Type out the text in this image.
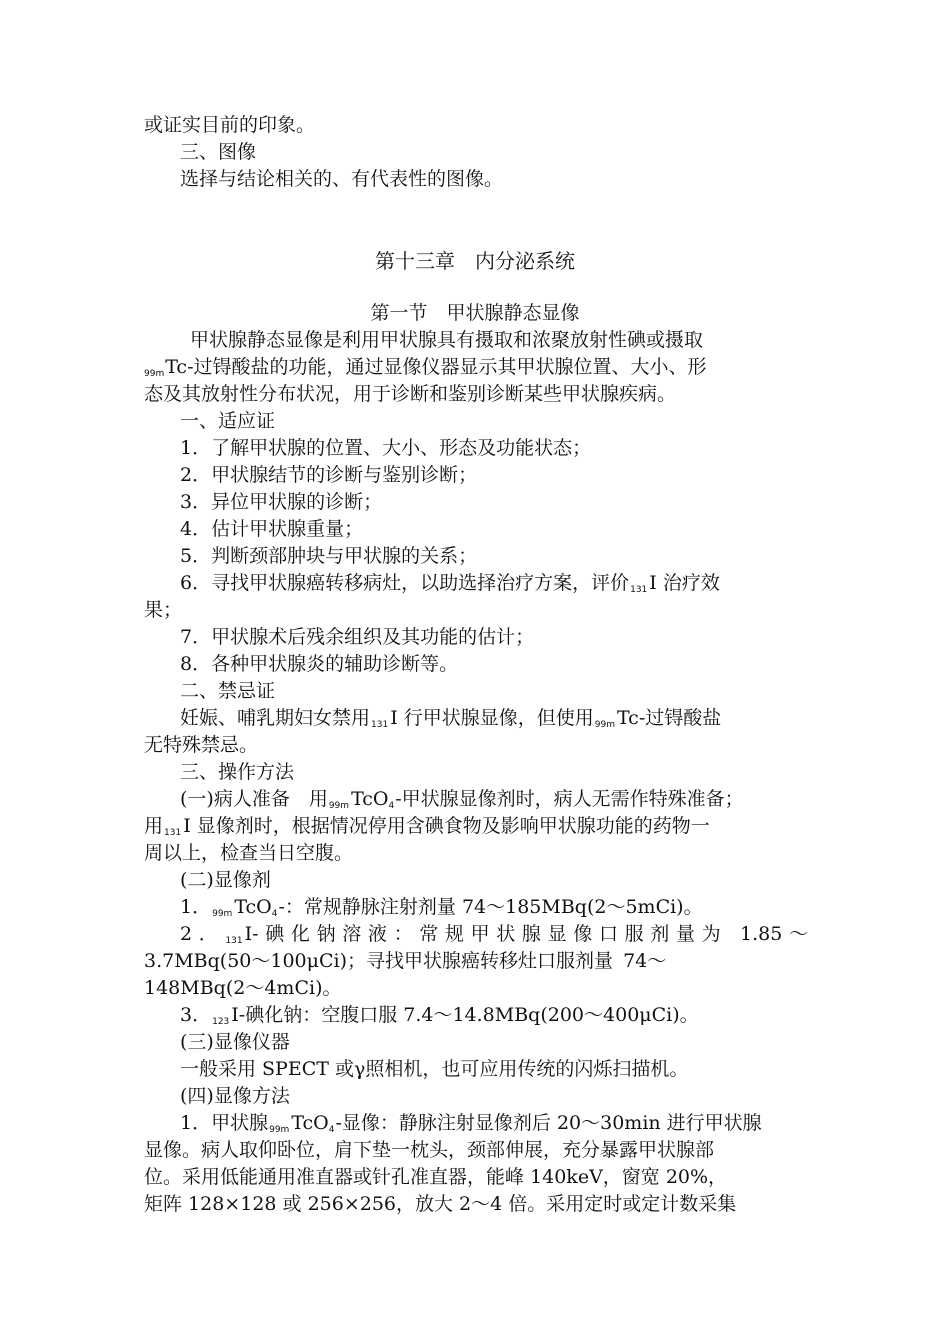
或证实目前的印象。
三、图像
选择与结论相关的、有代表性的图像。
第十三章　内分泌系统
第一节　甲状腺静态显像
甲状腺静态显像是利用甲状腺具有摄取和浓聚放射性碘或摄取
99mTc-过锝酸盐的功能，通过显像仪器显示其甲状腺位置、大小、形
态及其放射性分布状况，用于诊断和鉴别诊断某些甲状腺疾病。
一、适应证
1．了解甲状腺的位置、大小、形态及功能状态；
2．甲状腺结节的诊断与鉴别诊断；
3．异位甲状腺的诊断；
4．估计甲状腺重量；
5．判断颈部肿块与甲状腺的关系；
6．寻找甲状腺癌转移病灶，以助选择治疗方案，评价131 I 治疗效
果；
7．甲状腺术后残余组织及其功能的估计；
8．各种甲状腺炎的辅助诊断等。
二、禁忌证
妊娠、哺乳期妇女禁用131 I 行甲状腺显像，但使用99m Tc-过锝酸盐
无特殊禁忌。
三、操作方法
(一)病人准备　用99m TcO4-甲状腺显像剂时，病人无需作特殊准备；
用131 I 显像剂时，根据情况停用含碘食物及影响甲状腺功能的药物一
周以上，检查当日空腹。
(二)显像剂
1．99m TcO4-：常规静脉注射剂量 74～185MBq(2～5mCi)。
2．131 I-碘化钠溶液：常规甲状腺显像口服剂量为 1.85～
3.7MBq(50～100μCi)；寻找甲状腺癌转移灶口服剂量 74～
148MBq(2～4mCi)。
3．123 I-碘化钠：空腹口服 7.4～14.8MBq(200～400μCi)。
(三)显像仪器
一般采用 SPECT 或γ照相机，也可应用传统的闪烁扫描机。
(四)显像方法
1．甲状腺99m TcO4-显像：静脉注射显像剂后 20～30min 进行甲状腺
显像。病人取仰卧位，肩下垫一枕头，颈部伸展，充分暴露甲状腺部
位。采用低能通用准直器或针孔准直器，能峰 140keV，窗宽 20%，
矩阵 128×128 或 256×256，放大 2～4 倍。采用定时或定计数采集
